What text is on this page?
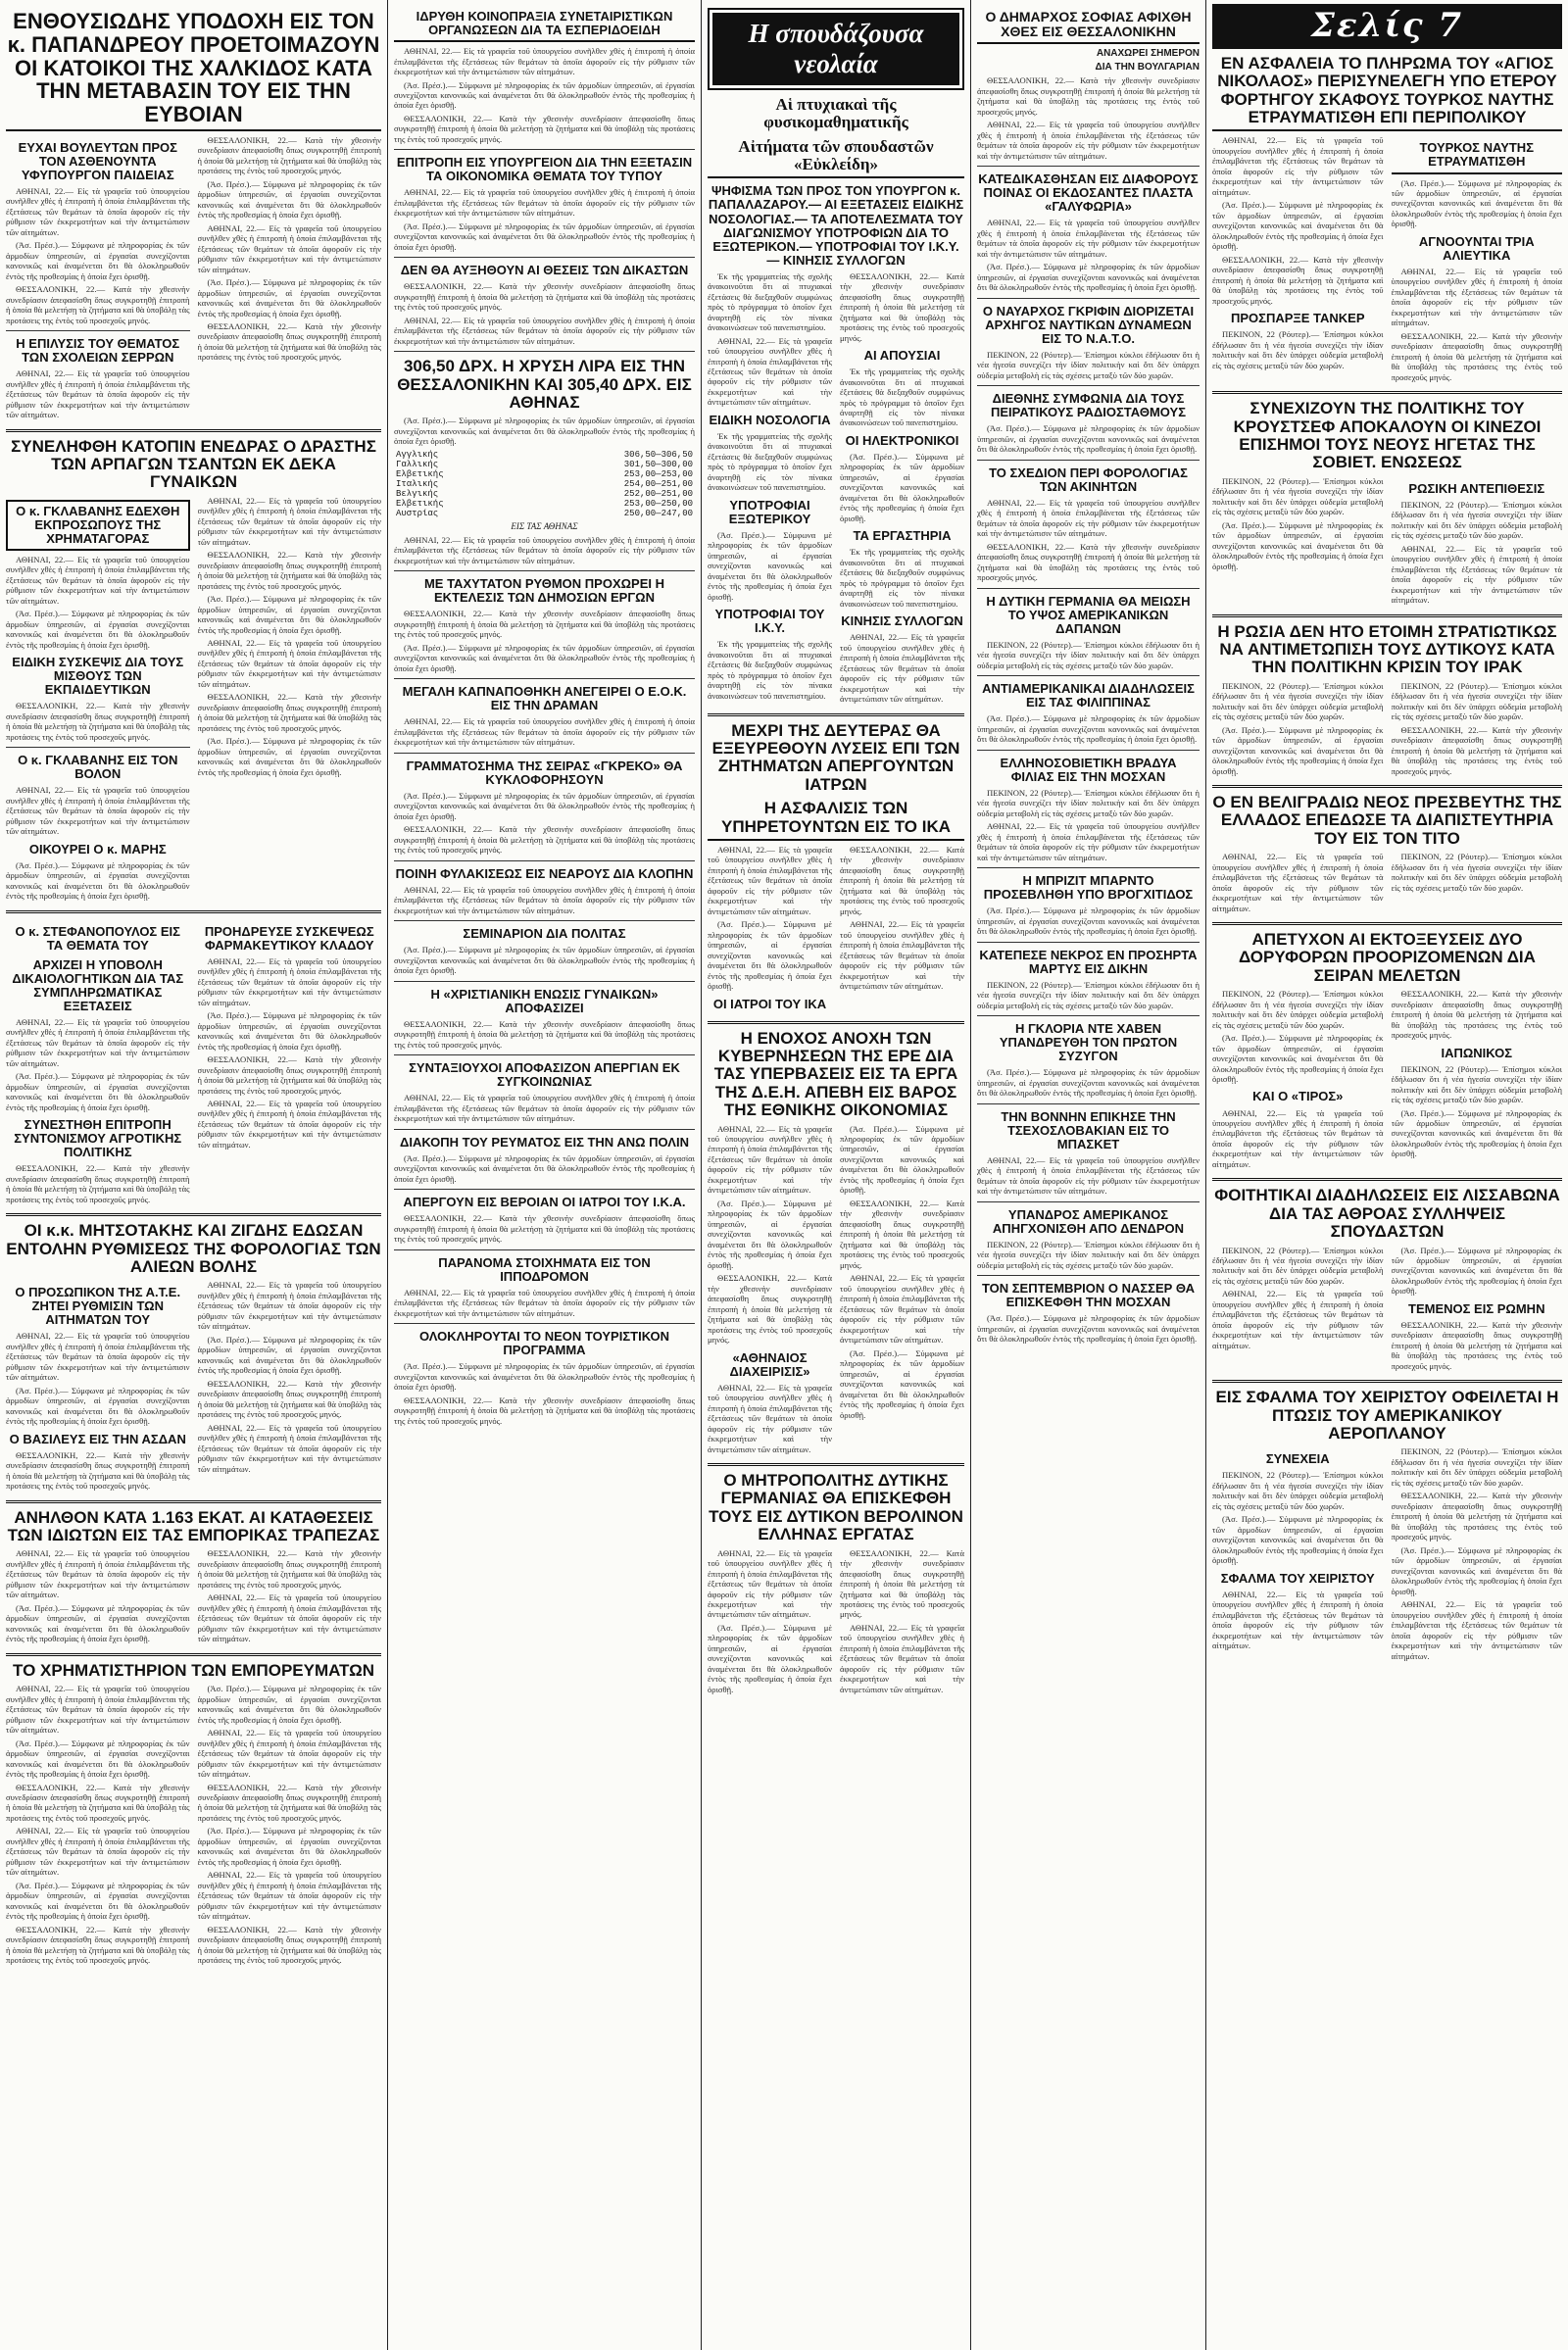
ΕΝΘΟΥΣΙΩΔΗΣ ΥΠΟΔΟΧΗ ΕΙΣ ΤΟΝ κ. ΠΑΠΑΝΔΡΕΟΥ ΠΡΟΕΤΟΙΜΑΖΟΥΝ ΟΙ ΚΑΤΟΙΚΟΙ ΤΗΣ ΧΑΛΚΙΔΟΣ ΚΑΤΑ ΤΗΝ ΜΕΤΑΒΑΣΙΝ ΤΟΥ ΕΙΣ ΤΗΝ ΕΥΒΟΙΑΝ
ΕΥΧΑΙ ΒΟΥΛΕΥΤΩΝ ΠΡΟΣ ΤΟΝ ΑΣΘΕΝΟΥΝΤΑ ΥΦΥΠΟΥΡΓΟΝ ΠΑΙΔΕΙΑΣ

ΑΘΗΝΑΙ, 22.— Εἰς τὰ γραφεῖα τοῦ ὑπουργείου συνῆλθεν χθὲς ἡ ἐπιτροπὴ ἡ ὁποία ἐπιλαμβάνεται τῆς ἐξετάσεως τῶν θεμάτων τὰ ὁποῖα ἀφοροῦν εἰς τὴν ρύθμισιν τῶν ἐκκρεμοτήτων καὶ τὴν ἀντιμετώπισιν τῶν αἰτημάτων.

(Ἀσ. Πρέσ.).— Σύμφωνα μὲ πληροφορίας ἐκ τῶν ἁρμοδίων ὑπηρεσιῶν, αἱ ἐργασίαι συνεχίζονται κανονικῶς καὶ ἀναμένεται ὅτι θὰ ὁλοκληρωθοῦν ἐντὸς τῆς προθεσμίας ἡ ὁποία ἔχει ὁρισθῇ.

ΘΕΣΣΑΛΟΝΙΚΗ, 22.— Κατὰ τὴν χθεσινὴν συνεδρίασιν ἀπεφασίσθη ὅπως συγκροτηθῇ ἐπιτροπὴ ἡ ὁποία θὰ μελετήσῃ τὰ ζητήματα καὶ θὰ ὑποβάλῃ τὰς προτάσεις της ἐντὸς τοῦ προσεχοῦς μηνός.

Η ΕΠΙΛΥΣΙΣ ΤΟΥ ΘΕΜΑΤΟΣ ΤΩΝ ΣΧΟΛΕΙΩΝ ΣΕΡΡΩΝ

ΑΘΗΝΑΙ, 22.— Εἰς τὰ γραφεῖα τοῦ ὑπουργείου συνῆλθεν χθὲς ἡ ἐπιτροπὴ ἡ ὁποία ἐπιλαμβάνεται τῆς ἐξετάσεως τῶν θεμάτων τὰ ὁποῖα ἀφοροῦν εἰς τὴν ρύθμισιν τῶν ἐκκρεμοτήτων καὶ τὴν ἀντιμετώπισιν τῶν αἰτημάτων.

ΘΕΣΣΑΛΟΝΙΚΗ, 22.— Κατὰ τὴν χθεσινὴν συνεδρίασιν ἀπεφασίσθη ὅπως συγκροτηθῇ ἐπιτροπὴ ἡ ὁποία θὰ μελετήσῃ τὰ ζητήματα καὶ θὰ ὑποβάλῃ τὰς προτάσεις της ἐντὸς τοῦ προσεχοῦς μηνός.

(Ἀσ. Πρέσ.).— Σύμφωνα μὲ πληροφορίας ἐκ τῶν ἁρμοδίων ὑπηρεσιῶν, αἱ ἐργασίαι συνεχίζονται κανονικῶς καὶ ἀναμένεται ὅτι θὰ ὁλοκληρωθοῦν ἐντὸς τῆς προθεσμίας ἡ ὁποία ἔχει ὁρισθῇ.

ΑΘΗΝΑΙ, 22.— Εἰς τὰ γραφεῖα τοῦ ὑπουργείου συνῆλθεν χθὲς ἡ ἐπιτροπὴ ἡ ὁποία ἐπιλαμβάνεται τῆς ἐξετάσεως τῶν θεμάτων τὰ ὁποῖα ἀφοροῦν εἰς τὴν ρύθμισιν τῶν ἐκκρεμοτήτων καὶ τὴν ἀντιμετώπισιν τῶν αἰτημάτων.

(Ἀσ. Πρέσ.).— Σύμφωνα μὲ πληροφορίας ἐκ τῶν ἁρμοδίων ὑπηρεσιῶν, αἱ ἐργασίαι συνεχίζονται κανονικῶς καὶ ἀναμένεται ὅτι θὰ ὁλοκληρωθοῦν ἐντὸς τῆς προθεσμίας ἡ ὁποία ἔχει ὁρισθῇ.

ΘΕΣΣΑΛΟΝΙΚΗ, 22.— Κατὰ τὴν χθεσινὴν συνεδρίασιν ἀπεφασίσθη ὅπως συγκροτηθῇ ἐπιτροπὴ ἡ ὁποία θὰ μελετήσῃ τὰ ζητήματα καὶ θὰ ὑποβάλῃ τὰς προτάσεις της ἐντὸς τοῦ προσεχοῦς μηνός.

ΣΥΝΕΛΗΦΘΗ ΚΑΤΟΠΙΝ ΕΝΕΔΡΑΣ Ο ΔΡΑΣΤΗΣ ΤΩΝ ΑΡΠΑΓΩΝ ΤΣΑΝΤΩΝ ΕΚ ΔΕΚΑ ΓΥΝΑΙΚΩΝ
Ο κ. ΓΚΛΑΒΑΝΗΣ ΕΔΕΧΘΗ ΕΚΠΡΟΣΩΠΟΥΣ ΤΗΣ ΧΡΗΜΑΤΑΓΟΡΑΣ

ΑΘΗΝΑΙ, 22.— Εἰς τὰ γραφεῖα τοῦ ὑπουργείου συνῆλθεν χθὲς ἡ ἐπιτροπὴ ἡ ὁποία ἐπιλαμβάνεται τῆς ἐξετάσεως τῶν θεμάτων τὰ ὁποῖα ἀφοροῦν εἰς τὴν ρύθμισιν τῶν ἐκκρεμοτήτων καὶ τὴν ἀντιμετώπισιν τῶν αἰτημάτων.

(Ἀσ. Πρέσ.).— Σύμφωνα μὲ πληροφορίας ἐκ τῶν ἁρμοδίων ὑπηρεσιῶν, αἱ ἐργασίαι συνεχίζονται κανονικῶς καὶ ἀναμένεται ὅτι θὰ ὁλοκληρωθοῦν ἐντὸς τῆς προθεσμίας ἡ ὁποία ἔχει ὁρισθῇ.

ΕΙΔΙΚΗ ΣΥΣΚΕΨΙΣ ΔΙΑ ΤΟΥΣ ΜΙΣΘΟΥΣ ΤΩΝ ΕΚΠΑΙΔΕΥΤΙΚΩΝ

ΘΕΣΣΑΛΟΝΙΚΗ, 22.— Κατὰ τὴν χθεσινὴν συνεδρίασιν ἀπεφασίσθη ὅπως συγκροτηθῇ ἐπιτροπὴ ἡ ὁποία θὰ μελετήσῃ τὰ ζητήματα καὶ θὰ ὑποβάλῃ τὰς προτάσεις της ἐντὸς τοῦ προσεχοῦς μηνός.

Ο κ. ΓΚΛΑΒΑΝΗΣ ΕΙΣ ΤΟΝ ΒΟΛΟΝ

ΑΘΗΝΑΙ, 22.— Εἰς τὰ γραφεῖα τοῦ ὑπουργείου συνῆλθεν χθὲς ἡ ἐπιτροπὴ ἡ ὁποία ἐπιλαμβάνεται τῆς ἐξετάσεως τῶν θεμάτων τὰ ὁποῖα ἀφοροῦν εἰς τὴν ρύθμισιν τῶν ἐκκρεμοτήτων καὶ τὴν ἀντιμετώπισιν τῶν αἰτημάτων.

ΟΙΚΟΥΡΕΙ Ο κ. ΜΑΡΗΣ

(Ἀσ. Πρέσ.).— Σύμφωνα μὲ πληροφορίας ἐκ τῶν ἁρμοδίων ὑπηρεσιῶν, αἱ ἐργασίαι συνεχίζονται κανονικῶς καὶ ἀναμένεται ὅτι θὰ ὁλοκληρωθοῦν ἐντὸς τῆς προθεσμίας ἡ ὁποία ἔχει ὁρισθῇ.

ΑΘΗΝΑΙ, 22.— Εἰς τὰ γραφεῖα τοῦ ὑπουργείου συνῆλθεν χθὲς ἡ ἐπιτροπὴ ἡ ὁποία ἐπιλαμβάνεται τῆς ἐξετάσεως τῶν θεμάτων τὰ ὁποῖα ἀφοροῦν εἰς τὴν ρύθμισιν τῶν ἐκκρεμοτήτων καὶ τὴν ἀντιμετώπισιν τῶν αἰτημάτων.

ΘΕΣΣΑΛΟΝΙΚΗ, 22.— Κατὰ τὴν χθεσινὴν συνεδρίασιν ἀπεφασίσθη ὅπως συγκροτηθῇ ἐπιτροπὴ ἡ ὁποία θὰ μελετήσῃ τὰ ζητήματα καὶ θὰ ὑποβάλῃ τὰς προτάσεις της ἐντὸς τοῦ προσεχοῦς μηνός.

(Ἀσ. Πρέσ.).— Σύμφωνα μὲ πληροφορίας ἐκ τῶν ἁρμοδίων ὑπηρεσιῶν, αἱ ἐργασίαι συνεχίζονται κανονικῶς καὶ ἀναμένεται ὅτι θὰ ὁλοκληρωθοῦν ἐντὸς τῆς προθεσμίας ἡ ὁποία ἔχει ὁρισθῇ.

ΑΘΗΝΑΙ, 22.— Εἰς τὰ γραφεῖα τοῦ ὑπουργείου συνῆλθεν χθὲς ἡ ἐπιτροπὴ ἡ ὁποία ἐπιλαμβάνεται τῆς ἐξετάσεως τῶν θεμάτων τὰ ὁποῖα ἀφοροῦν εἰς τὴν ρύθμισιν τῶν ἐκκρεμοτήτων καὶ τὴν ἀντιμετώπισιν τῶν αἰτημάτων.

ΘΕΣΣΑΛΟΝΙΚΗ, 22.— Κατὰ τὴν χθεσινὴν συνεδρίασιν ἀπεφασίσθη ὅπως συγκροτηθῇ ἐπιτροπὴ ἡ ὁποία θὰ μελετήσῃ τὰ ζητήματα καὶ θὰ ὑποβάλῃ τὰς προτάσεις της ἐντὸς τοῦ προσεχοῦς μηνός.

(Ἀσ. Πρέσ.).— Σύμφωνα μὲ πληροφορίας ἐκ τῶν ἁρμοδίων ὑπηρεσιῶν, αἱ ἐργασίαι συνεχίζονται κανονικῶς καὶ ἀναμένεται ὅτι θὰ ὁλοκληρωθοῦν ἐντὸς τῆς προθεσμίας ἡ ὁποία ἔχει ὁρισθῇ.

Ο κ. ΣΤΕΦΑΝΟΠΟΥΛΟΣ ΕΙΣ ΤΑ ΘΕΜΑΤΑ ΤΟΥ
ΑΡΧΙΖΕΙ Η ΥΠΟΒΟΛΗ ΔΙΚΑΙΟΛΟΓΗΤΙΚΩΝ ΔΙΑ ΤΑΣ ΣΥΜΠΛΗΡΩΜΑΤΙΚΑΣ ΕΞΕΤΑΣΕΙΣ

ΑΘΗΝΑΙ, 22.— Εἰς τὰ γραφεῖα τοῦ ὑπουργείου συνῆλθεν χθὲς ἡ ἐπιτροπὴ ἡ ὁποία ἐπιλαμβάνεται τῆς ἐξετάσεως τῶν θεμάτων τὰ ὁποῖα ἀφοροῦν εἰς τὴν ρύθμισιν τῶν ἐκκρεμοτήτων καὶ τὴν ἀντιμετώπισιν τῶν αἰτημάτων.

(Ἀσ. Πρέσ.).— Σύμφωνα μὲ πληροφορίας ἐκ τῶν ἁρμοδίων ὑπηρεσιῶν, αἱ ἐργασίαι συνεχίζονται κανονικῶς καὶ ἀναμένεται ὅτι θὰ ὁλοκληρωθοῦν ἐντὸς τῆς προθεσμίας ἡ ὁποία ἔχει ὁρισθῇ.

ΣΥΝΕΣΤΗΘΗ ΕΠΙΤΡΟΠΗ ΣΥΝΤΟΝΙΣΜΟΥ ΑΓΡΟΤΙΚΗΣ ΠΟΛΙΤΙΚΗΣ

ΘΕΣΣΑΛΟΝΙΚΗ, 22.— Κατὰ τὴν χθεσινὴν συνεδρίασιν ἀπεφασίσθη ὅπως συγκροτηθῇ ἐπιτροπὴ ἡ ὁποία θὰ μελετήσῃ τὰ ζητήματα καὶ θὰ ὑποβάλῃ τὰς προτάσεις της ἐντὸς τοῦ προσεχοῦς μηνός.

ΠΡΟΗΔΡΕΥΣΕ ΣΥΣΚΕΨΕΩΣ ΦΑΡΜΑΚΕΥΤΙΚΟΥ ΚΛΑΔΟΥ

ΑΘΗΝΑΙ, 22.— Εἰς τὰ γραφεῖα τοῦ ὑπουργείου συνῆλθεν χθὲς ἡ ἐπιτροπὴ ἡ ὁποία ἐπιλαμβάνεται τῆς ἐξετάσεως τῶν θεμάτων τὰ ὁποῖα ἀφοροῦν εἰς τὴν ρύθμισιν τῶν ἐκκρεμοτήτων καὶ τὴν ἀντιμετώπισιν τῶν αἰτημάτων.

(Ἀσ. Πρέσ.).— Σύμφωνα μὲ πληροφορίας ἐκ τῶν ἁρμοδίων ὑπηρεσιῶν, αἱ ἐργασίαι συνεχίζονται κανονικῶς καὶ ἀναμένεται ὅτι θὰ ὁλοκληρωθοῦν ἐντὸς τῆς προθεσμίας ἡ ὁποία ἔχει ὁρισθῇ.

ΘΕΣΣΑΛΟΝΙΚΗ, 22.— Κατὰ τὴν χθεσινὴν συνεδρίασιν ἀπεφασίσθη ὅπως συγκροτηθῇ ἐπιτροπὴ ἡ ὁποία θὰ μελετήσῃ τὰ ζητήματα καὶ θὰ ὑποβάλῃ τὰς προτάσεις της ἐντὸς τοῦ προσεχοῦς μηνός.

ΑΘΗΝΑΙ, 22.— Εἰς τὰ γραφεῖα τοῦ ὑπουργείου συνῆλθεν χθὲς ἡ ἐπιτροπὴ ἡ ὁποία ἐπιλαμβάνεται τῆς ἐξετάσεως τῶν θεμάτων τὰ ὁποῖα ἀφοροῦν εἰς τὴν ρύθμισιν τῶν ἐκκρεμοτήτων καὶ τὴν ἀντιμετώπισιν τῶν αἰτημάτων.

ΟΙ κ.κ. ΜΗΤΣΟΤΑΚΗΣ ΚΑΙ ΖΙΓΔΗΣ ΕΔΩΣΑΝ ΕΝΤΟΛΗΝ ΡΥΘΜΙΣΕΩΣ ΤΗΣ ΦΟΡΟΛΟΓΙΑΣ ΤΩΝ ΑΛΙΕΩΝ ΒΟΛΗΣ
Ο ΠΡΟΣΩΠΙΚΟΝ ΤΗΣ Α.Τ.Ε. ΖΗΤΕΙ ΡΥΘΜΙΣΙΝ ΤΩΝ ΑΙΤΗΜΑΤΩΝ ΤΟΥ

ΑΘΗΝΑΙ, 22.— Εἰς τὰ γραφεῖα τοῦ ὑπουργείου συνῆλθεν χθὲς ἡ ἐπιτροπὴ ἡ ὁποία ἐπιλαμβάνεται τῆς ἐξετάσεως τῶν θεμάτων τὰ ὁποῖα ἀφοροῦν εἰς τὴν ρύθμισιν τῶν ἐκκρεμοτήτων καὶ τὴν ἀντιμετώπισιν τῶν αἰτημάτων.

(Ἀσ. Πρέσ.).— Σύμφωνα μὲ πληροφορίας ἐκ τῶν ἁρμοδίων ὑπηρεσιῶν, αἱ ἐργασίαι συνεχίζονται κανονικῶς καὶ ἀναμένεται ὅτι θὰ ὁλοκληρωθοῦν ἐντὸς τῆς προθεσμίας ἡ ὁποία ἔχει ὁρισθῇ.

Ο ΒΑΣΙΛΕΥΣ ΕΙΣ ΤΗΝ ΑΣΔΑΝ

ΘΕΣΣΑΛΟΝΙΚΗ, 22.— Κατὰ τὴν χθεσινὴν συνεδρίασιν ἀπεφασίσθη ὅπως συγκροτηθῇ ἐπιτροπὴ ἡ ὁποία θὰ μελετήσῃ τὰ ζητήματα καὶ θὰ ὑποβάλῃ τὰς προτάσεις της ἐντὸς τοῦ προσεχοῦς μηνός.

ΑΘΗΝΑΙ, 22.— Εἰς τὰ γραφεῖα τοῦ ὑπουργείου συνῆλθεν χθὲς ἡ ἐπιτροπὴ ἡ ὁποία ἐπιλαμβάνεται τῆς ἐξετάσεως τῶν θεμάτων τὰ ὁποῖα ἀφοροῦν εἰς τὴν ρύθμισιν τῶν ἐκκρεμοτήτων καὶ τὴν ἀντιμετώπισιν τῶν αἰτημάτων.

(Ἀσ. Πρέσ.).— Σύμφωνα μὲ πληροφορίας ἐκ τῶν ἁρμοδίων ὑπηρεσιῶν, αἱ ἐργασίαι συνεχίζονται κανονικῶς καὶ ἀναμένεται ὅτι θὰ ὁλοκληρωθοῦν ἐντὸς τῆς προθεσμίας ἡ ὁποία ἔχει ὁρισθῇ.

ΘΕΣΣΑΛΟΝΙΚΗ, 22.— Κατὰ τὴν χθεσινὴν συνεδρίασιν ἀπεφασίσθη ὅπως συγκροτηθῇ ἐπιτροπὴ ἡ ὁποία θὰ μελετήσῃ τὰ ζητήματα καὶ θὰ ὑποβάλῃ τὰς προτάσεις της ἐντὸς τοῦ προσεχοῦς μηνός.

ΑΘΗΝΑΙ, 22.— Εἰς τὰ γραφεῖα τοῦ ὑπουργείου συνῆλθεν χθὲς ἡ ἐπιτροπὴ ἡ ὁποία ἐπιλαμβάνεται τῆς ἐξετάσεως τῶν θεμάτων τὰ ὁποῖα ἀφοροῦν εἰς τὴν ρύθμισιν τῶν ἐκκρεμοτήτων καὶ τὴν ἀντιμετώπισιν τῶν αἰτημάτων.

ΑΝΗΛΘΟΝ ΚΑΤΑ 1.163 ΕΚΑΤ. ΑΙ ΚΑΤΑΘΕΣΕΙΣ ΤΩΝ ΙΔΙΩΤΩΝ ΕΙΣ ΤΑΣ ΕΜΠΟΡΙΚΑΣ ΤΡΑΠΕΖΑΣ

ΑΘΗΝΑΙ, 22.— Εἰς τὰ γραφεῖα τοῦ ὑπουργείου συνῆλθεν χθὲς ἡ ἐπιτροπὴ ἡ ὁποία ἐπιλαμβάνεται τῆς ἐξετάσεως τῶν θεμάτων τὰ ὁποῖα ἀφοροῦν εἰς τὴν ρύθμισιν τῶν ἐκκρεμοτήτων καὶ τὴν ἀντιμετώπισιν τῶν αἰτημάτων.

(Ἀσ. Πρέσ.).— Σύμφωνα μὲ πληροφορίας ἐκ τῶν ἁρμοδίων ὑπηρεσιῶν, αἱ ἐργασίαι συνεχίζονται κανονικῶς καὶ ἀναμένεται ὅτι θὰ ὁλοκληρωθοῦν ἐντὸς τῆς προθεσμίας ἡ ὁποία ἔχει ὁρισθῇ.

ΘΕΣΣΑΛΟΝΙΚΗ, 22.— Κατὰ τὴν χθεσινὴν συνεδρίασιν ἀπεφασίσθη ὅπως συγκροτηθῇ ἐπιτροπὴ ἡ ὁποία θὰ μελετήσῃ τὰ ζητήματα καὶ θὰ ὑποβάλῃ τὰς προτάσεις της ἐντὸς τοῦ προσεχοῦς μηνός.

ΑΘΗΝΑΙ, 22.— Εἰς τὰ γραφεῖα τοῦ ὑπουργείου συνῆλθεν χθὲς ἡ ἐπιτροπὴ ἡ ὁποία ἐπιλαμβάνεται τῆς ἐξετάσεως τῶν θεμάτων τὰ ὁποῖα ἀφοροῦν εἰς τὴν ρύθμισιν τῶν ἐκκρεμοτήτων καὶ τὴν ἀντιμετώπισιν τῶν αἰτημάτων.

ΤΟ ΧΡΗΜΑΤΙΣΤΗΡΙΟΝ ΤΩΝ ΕΜΠΟΡΕΥΜΑΤΩΝ

ΑΘΗΝΑΙ, 22.— Εἰς τὰ γραφεῖα τοῦ ὑπουργείου συνῆλθεν χθὲς ἡ ἐπιτροπὴ ἡ ὁποία ἐπιλαμβάνεται τῆς ἐξετάσεως τῶν θεμάτων τὰ ὁποῖα ἀφοροῦν εἰς τὴν ρύθμισιν τῶν ἐκκρεμοτήτων καὶ τὴν ἀντιμετώπισιν τῶν αἰτημάτων.

(Ἀσ. Πρέσ.).— Σύμφωνα μὲ πληροφορίας ἐκ τῶν ἁρμοδίων ὑπηρεσιῶν, αἱ ἐργασίαι συνεχίζονται κανονικῶς καὶ ἀναμένεται ὅτι θὰ ὁλοκληρωθοῦν ἐντὸς τῆς προθεσμίας ἡ ὁποία ἔχει ὁρισθῇ.

ΘΕΣΣΑΛΟΝΙΚΗ, 22.— Κατὰ τὴν χθεσινὴν συνεδρίασιν ἀπεφασίσθη ὅπως συγκροτηθῇ ἐπιτροπὴ ἡ ὁποία θὰ μελετήσῃ τὰ ζητήματα καὶ θὰ ὑποβάλῃ τὰς προτάσεις της ἐντὸς τοῦ προσεχοῦς μηνός.

ΑΘΗΝΑΙ, 22.— Εἰς τὰ γραφεῖα τοῦ ὑπουργείου συνῆλθεν χθὲς ἡ ἐπιτροπὴ ἡ ὁποία ἐπιλαμβάνεται τῆς ἐξετάσεως τῶν θεμάτων τὰ ὁποῖα ἀφοροῦν εἰς τὴν ρύθμισιν τῶν ἐκκρεμοτήτων καὶ τὴν ἀντιμετώπισιν τῶν αἰτημάτων.

(Ἀσ. Πρέσ.).— Σύμφωνα μὲ πληροφορίας ἐκ τῶν ἁρμοδίων ὑπηρεσιῶν, αἱ ἐργασίαι συνεχίζονται κανονικῶς καὶ ἀναμένεται ὅτι θὰ ὁλοκληρωθοῦν ἐντὸς τῆς προθεσμίας ἡ ὁποία ἔχει ὁρισθῇ.

ΘΕΣΣΑΛΟΝΙΚΗ, 22.— Κατὰ τὴν χθεσινὴν συνεδρίασιν ἀπεφασίσθη ὅπως συγκροτηθῇ ἐπιτροπὴ ἡ ὁποία θὰ μελετήσῃ τὰ ζητήματα καὶ θὰ ὑποβάλῃ τὰς προτάσεις της ἐντὸς τοῦ προσεχοῦς μηνός.

(Ἀσ. Πρέσ.).— Σύμφωνα μὲ πληροφορίας ἐκ τῶν ἁρμοδίων ὑπηρεσιῶν, αἱ ἐργασίαι συνεχίζονται κανονικῶς καὶ ἀναμένεται ὅτι θὰ ὁλοκληρωθοῦν ἐντὸς τῆς προθεσμίας ἡ ὁποία ἔχει ὁρισθῇ.

ΑΘΗΝΑΙ, 22.— Εἰς τὰ γραφεῖα τοῦ ὑπουργείου συνῆλθεν χθὲς ἡ ἐπιτροπὴ ἡ ὁποία ἐπιλαμβάνεται τῆς ἐξετάσεως τῶν θεμάτων τὰ ὁποῖα ἀφοροῦν εἰς τὴν ρύθμισιν τῶν ἐκκρεμοτήτων καὶ τὴν ἀντιμετώπισιν τῶν αἰτημάτων.

ΘΕΣΣΑΛΟΝΙΚΗ, 22.— Κατὰ τὴν χθεσινὴν συνεδρίασιν ἀπεφασίσθη ὅπως συγκροτηθῇ ἐπιτροπὴ ἡ ὁποία θὰ μελετήσῃ τὰ ζητήματα καὶ θὰ ὑποβάλῃ τὰς προτάσεις της ἐντὸς τοῦ προσεχοῦς μηνός.

(Ἀσ. Πρέσ.).— Σύμφωνα μὲ πληροφορίας ἐκ τῶν ἁρμοδίων ὑπηρεσιῶν, αἱ ἐργασίαι συνεχίζονται κανονικῶς καὶ ἀναμένεται ὅτι θὰ ὁλοκληρωθοῦν ἐντὸς τῆς προθεσμίας ἡ ὁποία ἔχει ὁρισθῇ.

ΑΘΗΝΑΙ, 22.— Εἰς τὰ γραφεῖα τοῦ ὑπουργείου συνῆλθεν χθὲς ἡ ἐπιτροπὴ ἡ ὁποία ἐπιλαμβάνεται τῆς ἐξετάσεως τῶν θεμάτων τὰ ὁποῖα ἀφοροῦν εἰς τὴν ρύθμισιν τῶν ἐκκρεμοτήτων καὶ τὴν ἀντιμετώπισιν τῶν αἰτημάτων.

ΘΕΣΣΑΛΟΝΙΚΗ, 22.— Κατὰ τὴν χθεσινὴν συνεδρίασιν ἀπεφασίσθη ὅπως συγκροτηθῇ ἐπιτροπὴ ἡ ὁποία θὰ μελετήσῃ τὰ ζητήματα καὶ θὰ ὑποβάλῃ τὰς προτάσεις της ἐντὸς τοῦ προσεχοῦς μηνός.

ΙΔΡΥΘΗ ΚΟΙΝΟΠΡΑΞΙΑ ΣΥΝΕΤΑΙΡΙΣΤΙΚΩΝ ΟΡΓΑΝΩΣΕΩΝ ΔΙΑ ΤΑ ΕΣΠΕΡΙΔΟΕΙΔΗ

ΑΘΗΝΑΙ, 22.— Εἰς τὰ γραφεῖα τοῦ ὑπουργείου συνῆλθεν χθὲς ἡ ἐπιτροπὴ ἡ ὁποία ἐπιλαμβάνεται τῆς ἐξετάσεως τῶν θεμάτων τὰ ὁποῖα ἀφοροῦν εἰς τὴν ρύθμισιν τῶν ἐκκρεμοτήτων καὶ τὴν ἀντιμετώπισιν τῶν αἰτημάτων.

(Ἀσ. Πρέσ.).— Σύμφωνα μὲ πληροφορίας ἐκ τῶν ἁρμοδίων ὑπηρεσιῶν, αἱ ἐργασίαι συνεχίζονται κανονικῶς καὶ ἀναμένεται ὅτι θὰ ὁλοκληρωθοῦν ἐντὸς τῆς προθεσμίας ἡ ὁποία ἔχει ὁρισθῇ.

ΘΕΣΣΑΛΟΝΙΚΗ, 22.— Κατὰ τὴν χθεσινὴν συνεδρίασιν ἀπεφασίσθη ὅπως συγκροτηθῇ ἐπιτροπὴ ἡ ὁποία θὰ μελετήσῃ τὰ ζητήματα καὶ θὰ ὑποβάλῃ τὰς προτάσεις της ἐντὸς τοῦ προσεχοῦς μηνός.

ΕΠΙΤΡΟΠΗ ΕΙΣ ΥΠΟΥΡΓΕΙΟΝ ΔΙΑ ΤΗΝ ΕΞΕΤΑΣΙΝ ΤΑ ΟΙΚΟΝΟΜΙΚΑ ΘΕΜΑΤΑ ΤΟΥ ΤΥΠΟΥ

ΑΘΗΝΑΙ, 22.— Εἰς τὰ γραφεῖα τοῦ ὑπουργείου συνῆλθεν χθὲς ἡ ἐπιτροπὴ ἡ ὁποία ἐπιλαμβάνεται τῆς ἐξετάσεως τῶν θεμάτων τὰ ὁποῖα ἀφοροῦν εἰς τὴν ρύθμισιν τῶν ἐκκρεμοτήτων καὶ τὴν ἀντιμετώπισιν τῶν αἰτημάτων.

(Ἀσ. Πρέσ.).— Σύμφωνα μὲ πληροφορίας ἐκ τῶν ἁρμοδίων ὑπηρεσιῶν, αἱ ἐργασίαι συνεχίζονται κανονικῶς καὶ ἀναμένεται ὅτι θὰ ὁλοκληρωθοῦν ἐντὸς τῆς προθεσμίας ἡ ὁποία ἔχει ὁρισθῇ.

ΔΕΝ ΘΑ ΑΥΞΗΘΟΥΝ ΑΙ ΘΕΣΕΙΣ ΤΩΝ ΔΙΚΑΣΤΩΝ

ΘΕΣΣΑΛΟΝΙΚΗ, 22.— Κατὰ τὴν χθεσινὴν συνεδρίασιν ἀπεφασίσθη ὅπως συγκροτηθῇ ἐπιτροπὴ ἡ ὁποία θὰ μελετήσῃ τὰ ζητήματα καὶ θὰ ὑποβάλῃ τὰς προτάσεις της ἐντὸς τοῦ προσεχοῦς μηνός.

ΑΘΗΝΑΙ, 22.— Εἰς τὰ γραφεῖα τοῦ ὑπουργείου συνῆλθεν χθὲς ἡ ἐπιτροπὴ ἡ ὁποία ἐπιλαμβάνεται τῆς ἐξετάσεως τῶν θεμάτων τὰ ὁποῖα ἀφοροῦν εἰς τὴν ρύθμισιν τῶν ἐκκρεμοτήτων καὶ τὴν ἀντιμετώπισιν τῶν αἰτημάτων.

306,50 ΔΡΧ. Η ΧΡΥΣΗ ΛΙΡΑ ΕΙΣ ΤΗΝ ΘΕΣΣΑΛΟΝΙΚΗΝ ΚΑΙ 305,40 ΔΡΧ. ΕΙΣ ΑΘΗΝΑΣ

(Ἀσ. Πρέσ.).— Σύμφωνα μὲ πληροφορίας ἐκ τῶν ἁρμοδίων ὑπηρεσιῶν, αἱ ἐργασίαι συνεχίζονται κανονικῶς καὶ ἀναμένεται ὅτι θὰ ὁλοκληρωθοῦν ἐντὸς τῆς προθεσμίας ἡ ὁποία ἔχει ὁρισθῇ.

Αγγλικής	306,50—306,50
Γαλλικής	301,50—300,00
Ελβετικής	253,00—253,00
Ιταλικής	254,00—251,00
Βελγικής	252,00—251,00
Ελβετικής	253,00—250,00
Αυστρίας	250,00—247,00
ΕΙΣ ΤΑΣ ΑΘΗΝΑΣ

ΑΘΗΝΑΙ, 22.— Εἰς τὰ γραφεῖα τοῦ ὑπουργείου συνῆλθεν χθὲς ἡ ἐπιτροπὴ ἡ ὁποία ἐπιλαμβάνεται τῆς ἐξετάσεως τῶν θεμάτων τὰ ὁποῖα ἀφοροῦν εἰς τὴν ρύθμισιν τῶν ἐκκρεμοτήτων καὶ τὴν ἀντιμετώπισιν τῶν αἰτημάτων.

ΜΕ ΤΑΧΥΤΑΤΟΝ ΡΥΘΜΟΝ ΠΡΟΧΩΡΕΙ Η ΕΚΤΕΛΕΣΙΣ ΤΩΝ ΔΗΜΟΣΙΩΝ ΕΡΓΩΝ

ΘΕΣΣΑΛΟΝΙΚΗ, 22.— Κατὰ τὴν χθεσινὴν συνεδρίασιν ἀπεφασίσθη ὅπως συγκροτηθῇ ἐπιτροπὴ ἡ ὁποία θὰ μελετήσῃ τὰ ζητήματα καὶ θὰ ὑποβάλῃ τὰς προτάσεις της ἐντὸς τοῦ προσεχοῦς μηνός.

(Ἀσ. Πρέσ.).— Σύμφωνα μὲ πληροφορίας ἐκ τῶν ἁρμοδίων ὑπηρεσιῶν, αἱ ἐργασίαι συνεχίζονται κανονικῶς καὶ ἀναμένεται ὅτι θὰ ὁλοκληρωθοῦν ἐντὸς τῆς προθεσμίας ἡ ὁποία ἔχει ὁρισθῇ.

ΜΕΓΑΛΗ ΚΑΠΝΑΠΟΘΗΚΗ ΑΝΕΓΕΙΡΕΙ Ο Ε.Ο.Κ. ΕΙΣ ΤΗΝ ΔΡΑΜΑΝ

ΑΘΗΝΑΙ, 22.— Εἰς τὰ γραφεῖα τοῦ ὑπουργείου συνῆλθεν χθὲς ἡ ἐπιτροπὴ ἡ ὁποία ἐπιλαμβάνεται τῆς ἐξετάσεως τῶν θεμάτων τὰ ὁποῖα ἀφοροῦν εἰς τὴν ρύθμισιν τῶν ἐκκρεμοτήτων καὶ τὴν ἀντιμετώπισιν τῶν αἰτημάτων.

ΓΡΑΜΜΑΤΟΣΗΜΑ ΤΗΣ ΣΕΙΡΑΣ «ΓΚΡΕΚΟ» ΘΑ ΚΥΚΛΟΦΟΡΗΣΟΥΝ

(Ἀσ. Πρέσ.).— Σύμφωνα μὲ πληροφορίας ἐκ τῶν ἁρμοδίων ὑπηρεσιῶν, αἱ ἐργασίαι συνεχίζονται κανονικῶς καὶ ἀναμένεται ὅτι θὰ ὁλοκληρωθοῦν ἐντὸς τῆς προθεσμίας ἡ ὁποία ἔχει ὁρισθῇ.

ΘΕΣΣΑΛΟΝΙΚΗ, 22.— Κατὰ τὴν χθεσινὴν συνεδρίασιν ἀπεφασίσθη ὅπως συγκροτηθῇ ἐπιτροπὴ ἡ ὁποία θὰ μελετήσῃ τὰ ζητήματα καὶ θὰ ὑποβάλῃ τὰς προτάσεις της ἐντὸς τοῦ προσεχοῦς μηνός.

ΠΟΙΝΗ ΦΥΛΑΚΙΣΕΩΣ ΕΙΣ ΝΕΑΡΟΥΣ ΔΙΑ ΚΛΟΠΗΝ

ΑΘΗΝΑΙ, 22.— Εἰς τὰ γραφεῖα τοῦ ὑπουργείου συνῆλθεν χθὲς ἡ ἐπιτροπὴ ἡ ὁποία ἐπιλαμβάνεται τῆς ἐξετάσεως τῶν θεμάτων τὰ ὁποῖα ἀφοροῦν εἰς τὴν ρύθμισιν τῶν ἐκκρεμοτήτων καὶ τὴν ἀντιμετώπισιν τῶν αἰτημάτων.

ΣΕΜΙΝΑΡΙΟΝ ΔΙΑ ΠΟΛΙΤΑΣ

(Ἀσ. Πρέσ.).— Σύμφωνα μὲ πληροφορίας ἐκ τῶν ἁρμοδίων ὑπηρεσιῶν, αἱ ἐργασίαι συνεχίζονται κανονικῶς καὶ ἀναμένεται ὅτι θὰ ὁλοκληρωθοῦν ἐντὸς τῆς προθεσμίας ἡ ὁποία ἔχει ὁρισθῇ.

Η «ΧΡΙΣΤΙΑΝΙΚΗ ΕΝΩΣΙΣ ΓΥΝΑΙΚΩΝ» ΑΠΟΦΑΣΙΖΕΙ

ΘΕΣΣΑΛΟΝΙΚΗ, 22.— Κατὰ τὴν χθεσινὴν συνεδρίασιν ἀπεφασίσθη ὅπως συγκροτηθῇ ἐπιτροπὴ ἡ ὁποία θὰ μελετήσῃ τὰ ζητήματα καὶ θὰ ὑποβάλῃ τὰς προτάσεις της ἐντὸς τοῦ προσεχοῦς μηνός.

ΣΥΝΤΑΞΙΟΥΧΟΙ ΑΠΟΦΑΣΙΖΟΝ ΑΠΕΡΓΙΑΝ ΕΚ ΣΥΓΚΟΙΝΩΝΙΑΣ

ΑΘΗΝΑΙ, 22.— Εἰς τὰ γραφεῖα τοῦ ὑπουργείου συνῆλθεν χθὲς ἡ ἐπιτροπὴ ἡ ὁποία ἐπιλαμβάνεται τῆς ἐξετάσεως τῶν θεμάτων τὰ ὁποῖα ἀφοροῦν εἰς τὴν ρύθμισιν τῶν ἐκκρεμοτήτων καὶ τὴν ἀντιμετώπισιν τῶν αἰτημάτων.

ΔΙΑΚΟΠΗ ΤΟΥ ΡΕΥΜΑΤΟΣ ΕΙΣ ΤΗΝ ΑΝΩ ΠΟΛΙΝ

(Ἀσ. Πρέσ.).— Σύμφωνα μὲ πληροφορίας ἐκ τῶν ἁρμοδίων ὑπηρεσιῶν, αἱ ἐργασίαι συνεχίζονται κανονικῶς καὶ ἀναμένεται ὅτι θὰ ὁλοκληρωθοῦν ἐντὸς τῆς προθεσμίας ἡ ὁποία ἔχει ὁρισθῇ.

ΑΠΕΡΓΟΥΝ ΕΙΣ ΒΕΡΟΙΑΝ ΟΙ ΙΑΤΡΟΙ ΤΟΥ Ι.Κ.Α.

ΘΕΣΣΑΛΟΝΙΚΗ, 22.— Κατὰ τὴν χθεσινὴν συνεδρίασιν ἀπεφασίσθη ὅπως συγκροτηθῇ ἐπιτροπὴ ἡ ὁποία θὰ μελετήσῃ τὰ ζητήματα καὶ θὰ ὑποβάλῃ τὰς προτάσεις της ἐντὸς τοῦ προσεχοῦς μηνός.

ΠΑΡΑΝΟΜΑ ΣΤΟΙΧΗΜΑΤΑ ΕΙΣ ΤΟΝ ΙΠΠΟΔΡΟΜΟΝ

ΑΘΗΝΑΙ, 22.— Εἰς τὰ γραφεῖα τοῦ ὑπουργείου συνῆλθεν χθὲς ἡ ἐπιτροπὴ ἡ ὁποία ἐπιλαμβάνεται τῆς ἐξετάσεως τῶν θεμάτων τὰ ὁποῖα ἀφοροῦν εἰς τὴν ρύθμισιν τῶν ἐκκρεμοτήτων καὶ τὴν ἀντιμετώπισιν τῶν αἰτημάτων.

ΟΛΟΚΛΗΡΟΥΤΑΙ ΤΟ ΝΕΟΝ ΤΟΥΡΙΣΤΙΚΟΝ ΠΡΟΓΡΑΜΜΑ

(Ἀσ. Πρέσ.).— Σύμφωνα μὲ πληροφορίας ἐκ τῶν ἁρμοδίων ὑπηρεσιῶν, αἱ ἐργασίαι συνεχίζονται κανονικῶς καὶ ἀναμένεται ὅτι θὰ ὁλοκληρωθοῦν ἐντὸς τῆς προθεσμίας ἡ ὁποία ἔχει ὁρισθῇ.

ΘΕΣΣΑΛΟΝΙΚΗ, 22.— Κατὰ τὴν χθεσινὴν συνεδρίασιν ἀπεφασίσθη ὅπως συγκροτηθῇ ἐπιτροπὴ ἡ ὁποία θὰ μελετήσῃ τὰ ζητήματα καὶ θὰ ὑποβάλῃ τὰς προτάσεις της ἐντὸς τοῦ προσεχοῦς μηνός.

Η σπουδάζουσα νεολαία
Αἱ πτυχιακαὶ τῆς φυσικομαθηματικῆς
Αἰτήματα τῶν σπουδαστῶν «Εὐκλείδη»
ΨΗΦΙΣΜΑ ΤΩΝ ΠΡΟΣ ΤΟΝ ΥΠΟΥΡΓΟΝ κ. ΠΑΠΑΛΑΖΑΡΟΥ.— ΑΙ ΕΞΕΤΑΣΕΙΣ ΕΙΔΙΚΗΣ ΝΟΣΟΛΟΓΙΑΣ.— ΤΑ ΑΠΟΤΕΛΕΣΜΑΤΑ ΤΟΥ ΔΙΑΓΩΝΙΣΜΟΥ ΥΠΟΤΡΟΦΙΩΝ ΔΙΑ ΤΟ ΕΞΩΤΕΡΙΚΟΝ.— ΥΠΟΤΡΟΦΙΑΙ ΤΟΥ Ι.Κ.Υ.— ΚΙΝΗΣΙΣ ΣΥΛΛΟΓΩΝ

Ἐκ τῆς γραμματείας τῆς σχολῆς ἀνακοινοῦται ὅτι αἱ πτυχιακαὶ ἐξετάσεις θὰ διεξαχθοῦν συμφώνως πρὸς τὸ πρόγραμμα τὸ ὁποῖον ἔχει ἀναρτηθῇ εἰς τὸν πίνακα ἀνακοινώσεων τοῦ πανεπιστημίου.

ΑΘΗΝΑΙ, 22.— Εἰς τὰ γραφεῖα τοῦ ὑπουργείου συνῆλθεν χθὲς ἡ ἐπιτροπὴ ἡ ὁποία ἐπιλαμβάνεται τῆς ἐξετάσεως τῶν θεμάτων τὰ ὁποῖα ἀφοροῦν εἰς τὴν ρύθμισιν τῶν ἐκκρεμοτήτων καὶ τὴν ἀντιμετώπισιν τῶν αἰτημάτων.

ΕΙΔΙΚΗ ΝΟΣΟΛΟΓΙΑ

Ἐκ τῆς γραμματείας τῆς σχολῆς ἀνακοινοῦται ὅτι αἱ πτυχιακαὶ ἐξετάσεις θὰ διεξαχθοῦν συμφώνως πρὸς τὸ πρόγραμμα τὸ ὁποῖον ἔχει ἀναρτηθῇ εἰς τὸν πίνακα ἀνακοινώσεων τοῦ πανεπιστημίου.

ΥΠΟΤΡΟΦΙΑΙ ΕΞΩΤΕΡΙΚΟΥ

(Ἀσ. Πρέσ.).— Σύμφωνα μὲ πληροφορίας ἐκ τῶν ἁρμοδίων ὑπηρεσιῶν, αἱ ἐργασίαι συνεχίζονται κανονικῶς καὶ ἀναμένεται ὅτι θὰ ὁλοκληρωθοῦν ἐντὸς τῆς προθεσμίας ἡ ὁποία ἔχει ὁρισθῇ.

ΥΠΟΤΡΟΦΙΑΙ ΤΟΥ Ι.Κ.Υ.

Ἐκ τῆς γραμματείας τῆς σχολῆς ἀνακοινοῦται ὅτι αἱ πτυχιακαὶ ἐξετάσεις θὰ διεξαχθοῦν συμφώνως πρὸς τὸ πρόγραμμα τὸ ὁποῖον ἔχει ἀναρτηθῇ εἰς τὸν πίνακα ἀνακοινώσεων τοῦ πανεπιστημίου.

ΘΕΣΣΑΛΟΝΙΚΗ, 22.— Κατὰ τὴν χθεσινὴν συνεδρίασιν ἀπεφασίσθη ὅπως συγκροτηθῇ ἐπιτροπὴ ἡ ὁποία θὰ μελετήσῃ τὰ ζητήματα καὶ θὰ ὑποβάλῃ τὰς προτάσεις της ἐντὸς τοῦ προσεχοῦς μηνός.

ΑΙ ΑΠΟΥΣΙΑΙ

Ἐκ τῆς γραμματείας τῆς σχολῆς ἀνακοινοῦται ὅτι αἱ πτυχιακαὶ ἐξετάσεις θὰ διεξαχθοῦν συμφώνως πρὸς τὸ πρόγραμμα τὸ ὁποῖον ἔχει ἀναρτηθῇ εἰς τὸν πίνακα ἀνακοινώσεων τοῦ πανεπιστημίου.

ΟΙ ΗΛΕΚΤΡΟΝΙΚΟΙ

(Ἀσ. Πρέσ.).— Σύμφωνα μὲ πληροφορίας ἐκ τῶν ἁρμοδίων ὑπηρεσιῶν, αἱ ἐργασίαι συνεχίζονται κανονικῶς καὶ ἀναμένεται ὅτι θὰ ὁλοκληρωθοῦν ἐντὸς τῆς προθεσμίας ἡ ὁποία ἔχει ὁρισθῇ.

ΤΑ ΕΡΓΑΣΤΗΡΙΑ

Ἐκ τῆς γραμματείας τῆς σχολῆς ἀνακοινοῦται ὅτι αἱ πτυχιακαὶ ἐξετάσεις θὰ διεξαχθοῦν συμφώνως πρὸς τὸ πρόγραμμα τὸ ὁποῖον ἔχει ἀναρτηθῇ εἰς τὸν πίνακα ἀνακοινώσεων τοῦ πανεπιστημίου.

ΚΙΝΗΣΙΣ ΣΥΛΛΟΓΩΝ

ΑΘΗΝΑΙ, 22.— Εἰς τὰ γραφεῖα τοῦ ὑπουργείου συνῆλθεν χθὲς ἡ ἐπιτροπὴ ἡ ὁποία ἐπιλαμβάνεται τῆς ἐξετάσεως τῶν θεμάτων τὰ ὁποῖα ἀφοροῦν εἰς τὴν ρύθμισιν τῶν ἐκκρεμοτήτων καὶ τὴν ἀντιμετώπισιν τῶν αἰτημάτων.

ΜΕΧΡΙ ΤΗΣ ΔΕΥΤΕΡΑΣ ΘΑ ΕΞΕΥΡΕΘΟΥΝ ΛΥΣΕΙΣ ΕΠΙ ΤΩΝ ΖΗΤΗΜΑΤΩΝ ΑΠΕΡΓΟΥΝΤΩΝ ΙΑΤΡΩΝ
Η ΑΣΦΑΛΙΣΙΣ ΤΩΝ ΥΠΗΡΕΤΟΥΝΤΩΝ ΕΙΣ ΤΟ ΙΚΑ

ΑΘΗΝΑΙ, 22.— Εἰς τὰ γραφεῖα τοῦ ὑπουργείου συνῆλθεν χθὲς ἡ ἐπιτροπὴ ἡ ὁποία ἐπιλαμβάνεται τῆς ἐξετάσεως τῶν θεμάτων τὰ ὁποῖα ἀφοροῦν εἰς τὴν ρύθμισιν τῶν ἐκκρεμοτήτων καὶ τὴν ἀντιμετώπισιν τῶν αἰτημάτων.

(Ἀσ. Πρέσ.).— Σύμφωνα μὲ πληροφορίας ἐκ τῶν ἁρμοδίων ὑπηρεσιῶν, αἱ ἐργασίαι συνεχίζονται κανονικῶς καὶ ἀναμένεται ὅτι θὰ ὁλοκληρωθοῦν ἐντὸς τῆς προθεσμίας ἡ ὁποία ἔχει ὁρισθῇ.

ΟΙ ΙΑΤΡΟΙ ΤΟΥ ΙΚΑ

ΘΕΣΣΑΛΟΝΙΚΗ, 22.— Κατὰ τὴν χθεσινὴν συνεδρίασιν ἀπεφασίσθη ὅπως συγκροτηθῇ ἐπιτροπὴ ἡ ὁποία θὰ μελετήσῃ τὰ ζητήματα καὶ θὰ ὑποβάλῃ τὰς προτάσεις της ἐντὸς τοῦ προσεχοῦς μηνός.

ΑΘΗΝΑΙ, 22.— Εἰς τὰ γραφεῖα τοῦ ὑπουργείου συνῆλθεν χθὲς ἡ ἐπιτροπὴ ἡ ὁποία ἐπιλαμβάνεται τῆς ἐξετάσεως τῶν θεμάτων τὰ ὁποῖα ἀφοροῦν εἰς τὴν ρύθμισιν τῶν ἐκκρεμοτήτων καὶ τὴν ἀντιμετώπισιν τῶν αἰτημάτων.

Η ΕΝΟΧΟΣ ΑΝΟΧΗ ΤΩΝ ΚΥΒΕΡΝΗΣΕΩΝ ΤΗΣ ΕΡΕ ΔΙΑ ΤΑΣ ΥΠΕΡΒΑΣΕΙΣ ΕΙΣ ΤΑ ΕΡΓΑ ΤΗΣ Δ.Ε.Η. ΑΠΕΒΗ ΕΙΣ ΒΑΡΟΣ ΤΗΣ ΕΘΝΙΚΗΣ ΟΙΚΟΝΟΜΙΑΣ

ΑΘΗΝΑΙ, 22.— Εἰς τὰ γραφεῖα τοῦ ὑπουργείου συνῆλθεν χθὲς ἡ ἐπιτροπὴ ἡ ὁποία ἐπιλαμβάνεται τῆς ἐξετάσεως τῶν θεμάτων τὰ ὁποῖα ἀφοροῦν εἰς τὴν ρύθμισιν τῶν ἐκκρεμοτήτων καὶ τὴν ἀντιμετώπισιν τῶν αἰτημάτων.

(Ἀσ. Πρέσ.).— Σύμφωνα μὲ πληροφορίας ἐκ τῶν ἁρμοδίων ὑπηρεσιῶν, αἱ ἐργασίαι συνεχίζονται κανονικῶς καὶ ἀναμένεται ὅτι θὰ ὁλοκληρωθοῦν ἐντὸς τῆς προθεσμίας ἡ ὁποία ἔχει ὁρισθῇ.

ΘΕΣΣΑΛΟΝΙΚΗ, 22.— Κατὰ τὴν χθεσινὴν συνεδρίασιν ἀπεφασίσθη ὅπως συγκροτηθῇ ἐπιτροπὴ ἡ ὁποία θὰ μελετήσῃ τὰ ζητήματα καὶ θὰ ὑποβάλῃ τὰς προτάσεις της ἐντὸς τοῦ προσεχοῦς μηνός.

«ΑΘΗΝΑΙΟΣ ΔΙΑΧΕΙΡΙΣΙΣ»

ΑΘΗΝΑΙ, 22.— Εἰς τὰ γραφεῖα τοῦ ὑπουργείου συνῆλθεν χθὲς ἡ ἐπιτροπὴ ἡ ὁποία ἐπιλαμβάνεται τῆς ἐξετάσεως τῶν θεμάτων τὰ ὁποῖα ἀφοροῦν εἰς τὴν ρύθμισιν τῶν ἐκκρεμοτήτων καὶ τὴν ἀντιμετώπισιν τῶν αἰτημάτων.

(Ἀσ. Πρέσ.).— Σύμφωνα μὲ πληροφορίας ἐκ τῶν ἁρμοδίων ὑπηρεσιῶν, αἱ ἐργασίαι συνεχίζονται κανονικῶς καὶ ἀναμένεται ὅτι θὰ ὁλοκληρωθοῦν ἐντὸς τῆς προθεσμίας ἡ ὁποία ἔχει ὁρισθῇ.

ΘΕΣΣΑΛΟΝΙΚΗ, 22.— Κατὰ τὴν χθεσινὴν συνεδρίασιν ἀπεφασίσθη ὅπως συγκροτηθῇ ἐπιτροπὴ ἡ ὁποία θὰ μελετήσῃ τὰ ζητήματα καὶ θὰ ὑποβάλῃ τὰς προτάσεις της ἐντὸς τοῦ προσεχοῦς μηνός.

ΑΘΗΝΑΙ, 22.— Εἰς τὰ γραφεῖα τοῦ ὑπουργείου συνῆλθεν χθὲς ἡ ἐπιτροπὴ ἡ ὁποία ἐπιλαμβάνεται τῆς ἐξετάσεως τῶν θεμάτων τὰ ὁποῖα ἀφοροῦν εἰς τὴν ρύθμισιν τῶν ἐκκρεμοτήτων καὶ τὴν ἀντιμετώπισιν τῶν αἰτημάτων.

(Ἀσ. Πρέσ.).— Σύμφωνα μὲ πληροφορίας ἐκ τῶν ἁρμοδίων ὑπηρεσιῶν, αἱ ἐργασίαι συνεχίζονται κανονικῶς καὶ ἀναμένεται ὅτι θὰ ὁλοκληρωθοῦν ἐντὸς τῆς προθεσμίας ἡ ὁποία ἔχει ὁρισθῇ.

Ο ΜΗΤΡΟΠΟΛΙΤΗΣ ΔΥΤΙΚΗΣ ΓΕΡΜΑΝΙΑΣ ΘΑ ΕΠΙΣΚΕΦΘΗ ΤΟΥΣ ΕΙΣ ΔΥΤΙΚΟΝ ΒΕΡΟΛΙΝΟΝ ΕΛΛΗΝΑΣ ΕΡΓΑΤΑΣ

ΑΘΗΝΑΙ, 22.— Εἰς τὰ γραφεῖα τοῦ ὑπουργείου συνῆλθεν χθὲς ἡ ἐπιτροπὴ ἡ ὁποία ἐπιλαμβάνεται τῆς ἐξετάσεως τῶν θεμάτων τὰ ὁποῖα ἀφοροῦν εἰς τὴν ρύθμισιν τῶν ἐκκρεμοτήτων καὶ τὴν ἀντιμετώπισιν τῶν αἰτημάτων.

(Ἀσ. Πρέσ.).— Σύμφωνα μὲ πληροφορίας ἐκ τῶν ἁρμοδίων ὑπηρεσιῶν, αἱ ἐργασίαι συνεχίζονται κανονικῶς καὶ ἀναμένεται ὅτι θὰ ὁλοκληρωθοῦν ἐντὸς τῆς προθεσμίας ἡ ὁποία ἔχει ὁρισθῇ.

ΘΕΣΣΑΛΟΝΙΚΗ, 22.— Κατὰ τὴν χθεσινὴν συνεδρίασιν ἀπεφασίσθη ὅπως συγκροτηθῇ ἐπιτροπὴ ἡ ὁποία θὰ μελετήσῃ τὰ ζητήματα καὶ θὰ ὑποβάλῃ τὰς προτάσεις της ἐντὸς τοῦ προσεχοῦς μηνός.

ΑΘΗΝΑΙ, 22.— Εἰς τὰ γραφεῖα τοῦ ὑπουργείου συνῆλθεν χθὲς ἡ ἐπιτροπὴ ἡ ὁποία ἐπιλαμβάνεται τῆς ἐξετάσεως τῶν θεμάτων τὰ ὁποῖα ἀφοροῦν εἰς τὴν ρύθμισιν τῶν ἐκκρεμοτήτων καὶ τὴν ἀντιμετώπισιν τῶν αἰτημάτων.

Ο ΔΗΜΑΡΧΟΣ ΣΟΦΙΑΣ ΑΦΙΧΘΗ ΧΘΕΣ ΕΙΣ ΘΕΣΣΑΛΟΝΙΚΗΝ
ΑΝΑΧΩΡΕΙ ΣΗΜΕΡΟΝ
ΔΙΑ ΤΗΝ ΒΟΥΛΓΑΡΙΑΝ

ΘΕΣΣΑΛΟΝΙΚΗ, 22.— Κατὰ τὴν χθεσινὴν συνεδρίασιν ἀπεφασίσθη ὅπως συγκροτηθῇ ἐπιτροπὴ ἡ ὁποία θὰ μελετήσῃ τὰ ζητήματα καὶ θὰ ὑποβάλῃ τὰς προτάσεις της ἐντὸς τοῦ προσεχοῦς μηνός.

ΑΘΗΝΑΙ, 22.— Εἰς τὰ γραφεῖα τοῦ ὑπουργείου συνῆλθεν χθὲς ἡ ἐπιτροπὴ ἡ ὁποία ἐπιλαμβάνεται τῆς ἐξετάσεως τῶν θεμάτων τὰ ὁποῖα ἀφοροῦν εἰς τὴν ρύθμισιν τῶν ἐκκρεμοτήτων καὶ τὴν ἀντιμετώπισιν τῶν αἰτημάτων.

ΚΑΤΕΔΙΚΑΣΘΗΣΑΝ ΕΙΣ ΔΙΑΦΟΡΟΥΣ ΠΟΙΝΑΣ ΟΙ ΕΚΔΟΣΑΝΤΕΣ ΠΛΑΣΤΑ «ΓΑΛΥΦΩΡΙΑ»

ΑΘΗΝΑΙ, 22.— Εἰς τὰ γραφεῖα τοῦ ὑπουργείου συνῆλθεν χθὲς ἡ ἐπιτροπὴ ἡ ὁποία ἐπιλαμβάνεται τῆς ἐξετάσεως τῶν θεμάτων τὰ ὁποῖα ἀφοροῦν εἰς τὴν ρύθμισιν τῶν ἐκκρεμοτήτων καὶ τὴν ἀντιμετώπισιν τῶν αἰτημάτων.

(Ἀσ. Πρέσ.).— Σύμφωνα μὲ πληροφορίας ἐκ τῶν ἁρμοδίων ὑπηρεσιῶν, αἱ ἐργασίαι συνεχίζονται κανονικῶς καὶ ἀναμένεται ὅτι θὰ ὁλοκληρωθοῦν ἐντὸς τῆς προθεσμίας ἡ ὁποία ἔχει ὁρισθῇ.

Ο ΝΑΥΑΡΧΟΣ ΓΚΡΙΦΙΝ ΔΙΟΡΙΖΕΤΑΙ ΑΡΧΗΓΟΣ ΝΑΥΤΙΚΩΝ ΔΥΝΑΜΕΩΝ ΕΙΣ ΤΟ Ν.Α.Τ.Ο.

ΠΕΚΙΝΟΝ, 22 (Ρόυτερ).— Ἐπίσημοι κύκλοι ἐδήλωσαν ὅτι ἡ νέα ἡγεσία συνεχίζει τὴν ἰδίαν πολιτικὴν καὶ ὅτι δὲν ὑπάρχει οὐδεμία μεταβολὴ εἰς τὰς σχέσεις μεταξὺ τῶν δύο χωρῶν.

ΔΙΕΘΝΗΣ ΣΥΜΦΩΝΙΑ ΔΙΑ ΤΟΥΣ ΠΕΙΡΑΤΙΚΟΥΣ ΡΑΔΙΟΣΤΑΘΜΟΥΣ

(Ἀσ. Πρέσ.).— Σύμφωνα μὲ πληροφορίας ἐκ τῶν ἁρμοδίων ὑπηρεσιῶν, αἱ ἐργασίαι συνεχίζονται κανονικῶς καὶ ἀναμένεται ὅτι θὰ ὁλοκληρωθοῦν ἐντὸς τῆς προθεσμίας ἡ ὁποία ἔχει ὁρισθῇ.

ΤΟ ΣΧΕΔΙΟΝ ΠΕΡΙ ΦΟΡΟΛΟΓΙΑΣ ΤΩΝ ΑΚΙΝΗΤΩΝ

ΑΘΗΝΑΙ, 22.— Εἰς τὰ γραφεῖα τοῦ ὑπουργείου συνῆλθεν χθὲς ἡ ἐπιτροπὴ ἡ ὁποία ἐπιλαμβάνεται τῆς ἐξετάσεως τῶν θεμάτων τὰ ὁποῖα ἀφοροῦν εἰς τὴν ρύθμισιν τῶν ἐκκρεμοτήτων καὶ τὴν ἀντιμετώπισιν τῶν αἰτημάτων.

ΘΕΣΣΑΛΟΝΙΚΗ, 22.— Κατὰ τὴν χθεσινὴν συνεδρίασιν ἀπεφασίσθη ὅπως συγκροτηθῇ ἐπιτροπὴ ἡ ὁποία θὰ μελετήσῃ τὰ ζητήματα καὶ θὰ ὑποβάλῃ τὰς προτάσεις της ἐντὸς τοῦ προσεχοῦς μηνός.

Η ΔΥΤΙΚΗ ΓΕΡΜΑΝΙΑ ΘΑ ΜΕΙΩΣΗ ΤΟ ΥΨΟΣ ΑΜΕΡΙΚΑΝΙΚΩΝ ΔΑΠΑΝΩΝ

ΠΕΚΙΝΟΝ, 22 (Ρόυτερ).— Ἐπίσημοι κύκλοι ἐδήλωσαν ὅτι ἡ νέα ἡγεσία συνεχίζει τὴν ἰδίαν πολιτικὴν καὶ ὅτι δὲν ὑπάρχει οὐδεμία μεταβολὴ εἰς τὰς σχέσεις μεταξὺ τῶν δύο χωρῶν.

ΑΝΤΙΑΜΕΡΙΚΑΝΙΚΑΙ ΔΙΑΔΗΛΩΣΕΙΣ ΕΙΣ ΤΑΣ ΦΙΛΙΠΠΙΝΑΣ

(Ἀσ. Πρέσ.).— Σύμφωνα μὲ πληροφορίας ἐκ τῶν ἁρμοδίων ὑπηρεσιῶν, αἱ ἐργασίαι συνεχίζονται κανονικῶς καὶ ἀναμένεται ὅτι θὰ ὁλοκληρωθοῦν ἐντὸς τῆς προθεσμίας ἡ ὁποία ἔχει ὁρισθῇ.

ΕΛΛΗΝΟΣΟΒΙΕΤΙΚΗ ΒΡΑΔΥΑ ΦΙΛΙΑΣ ΕΙΣ ΤΗΝ ΜΟΣΧΑΝ

ΠΕΚΙΝΟΝ, 22 (Ρόυτερ).— Ἐπίσημοι κύκλοι ἐδήλωσαν ὅτι ἡ νέα ἡγεσία συνεχίζει τὴν ἰδίαν πολιτικὴν καὶ ὅτι δὲν ὑπάρχει οὐδεμία μεταβολὴ εἰς τὰς σχέσεις μεταξὺ τῶν δύο χωρῶν.

ΑΘΗΝΑΙ, 22.— Εἰς τὰ γραφεῖα τοῦ ὑπουργείου συνῆλθεν χθὲς ἡ ἐπιτροπὴ ἡ ὁποία ἐπιλαμβάνεται τῆς ἐξετάσεως τῶν θεμάτων τὰ ὁποῖα ἀφοροῦν εἰς τὴν ρύθμισιν τῶν ἐκκρεμοτήτων καὶ τὴν ἀντιμετώπισιν τῶν αἰτημάτων.

Η ΜΠΡΙΖΙΤ ΜΠΑΡΝΤΟ ΠΡΟΣΕΒΛΗΘΗ ΥΠΟ ΒΡΟΓΧΙΤΙΔΟΣ

(Ἀσ. Πρέσ.).— Σύμφωνα μὲ πληροφορίας ἐκ τῶν ἁρμοδίων ὑπηρεσιῶν, αἱ ἐργασίαι συνεχίζονται κανονικῶς καὶ ἀναμένεται ὅτι θὰ ὁλοκληρωθοῦν ἐντὸς τῆς προθεσμίας ἡ ὁποία ἔχει ὁρισθῇ.

ΚΑΤΕΠΕΣΕ ΝΕΚΡΟΣ ΕΝ ΠΡΟΣΗΡΤΑ ΜΑΡΤΥΣ ΕΙΣ ΔΙΚΗΝ

ΠΕΚΙΝΟΝ, 22 (Ρόυτερ).— Ἐπίσημοι κύκλοι ἐδήλωσαν ὅτι ἡ νέα ἡγεσία συνεχίζει τὴν ἰδίαν πολιτικὴν καὶ ὅτι δὲν ὑπάρχει οὐδεμία μεταβολὴ εἰς τὰς σχέσεις μεταξὺ τῶν δύο χωρῶν.

Η ΓΚΛΟΡΙΑ ΝΤΕ ΧΑΒΕΝ ΥΠΑΝΔΡΕΥΘΗ ΤΟΝ ΠΡΩΤΟΝ ΣΥΖΥΓΟΝ

(Ἀσ. Πρέσ.).— Σύμφωνα μὲ πληροφορίας ἐκ τῶν ἁρμοδίων ὑπηρεσιῶν, αἱ ἐργασίαι συνεχίζονται κανονικῶς καὶ ἀναμένεται ὅτι θὰ ὁλοκληρωθοῦν ἐντὸς τῆς προθεσμίας ἡ ὁποία ἔχει ὁρισθῇ.

ΤΗΝ ΒΟΝΝΗΝ ΕΠΙΚΗΣΕ ΤΗΝ ΤΣΕΧΟΣΛΟΒΑΚΙΑΝ ΕΙΣ ΤΟ ΜΠΑΣΚΕΤ

ΑΘΗΝΑΙ, 22.— Εἰς τὰ γραφεῖα τοῦ ὑπουργείου συνῆλθεν χθὲς ἡ ἐπιτροπὴ ἡ ὁποία ἐπιλαμβάνεται τῆς ἐξετάσεως τῶν θεμάτων τὰ ὁποῖα ἀφοροῦν εἰς τὴν ρύθμισιν τῶν ἐκκρεμοτήτων καὶ τὴν ἀντιμετώπισιν τῶν αἰτημάτων.

ΥΠΑΝΔΡΟΣ ΑΜΕΡΙΚΑΝΟΣ ΑΠΗΓΧΟΝΙΣΘΗ ΑΠΟ ΔΕΝΔΡΟΝ

ΠΕΚΙΝΟΝ, 22 (Ρόυτερ).— Ἐπίσημοι κύκλοι ἐδήλωσαν ὅτι ἡ νέα ἡγεσία συνεχίζει τὴν ἰδίαν πολιτικὴν καὶ ὅτι δὲν ὑπάρχει οὐδεμία μεταβολὴ εἰς τὰς σχέσεις μεταξὺ τῶν δύο χωρῶν.

ΤΟΝ ΣΕΠΤΕΜΒΡΙΟΝ Ο ΝΑΣΣΕΡ ΘΑ ΕΠΙΣΚΕΦΘΗ ΤΗΝ ΜΟΣΧΑΝ

(Ἀσ. Πρέσ.).— Σύμφωνα μὲ πληροφορίας ἐκ τῶν ἁρμοδίων ὑπηρεσιῶν, αἱ ἐργασίαι συνεχίζονται κανονικῶς καὶ ἀναμένεται ὅτι θὰ ὁλοκληρωθοῦν ἐντὸς τῆς προθεσμίας ἡ ὁποία ἔχει ὁρισθῇ.

Σελίς 7
ΕΝ ΑΣΦΑΛΕΙΑ ΤΟ ΠΛΗΡΩΜΑ ΤΟΥ «ΑΓΙΟΣ ΝΙΚΟΛΑΟΣ» ΠΕΡΙΣΥΝΕΛΕΓΗ ΥΠΟ ΕΤΕΡΟΥ ΦΟΡΤΗΓΟΥ ΣΚΑΦΟΥΣ ΤΟΥΡΚΟΣ ΝΑΥΤΗΣ ΕΤΡΑΥΜΑΤΙΣΘΗ ΕΠΙ ΠΕΡΙΠΟΛΙΚΟΥ

ΑΘΗΝΑΙ, 22.— Εἰς τὰ γραφεῖα τοῦ ὑπουργείου συνῆλθεν χθὲς ἡ ἐπιτροπὴ ἡ ὁποία ἐπιλαμβάνεται τῆς ἐξετάσεως τῶν θεμάτων τὰ ὁποῖα ἀφοροῦν εἰς τὴν ρύθμισιν τῶν ἐκκρεμοτήτων καὶ τὴν ἀντιμετώπισιν τῶν αἰτημάτων.

(Ἀσ. Πρέσ.).— Σύμφωνα μὲ πληροφορίας ἐκ τῶν ἁρμοδίων ὑπηρεσιῶν, αἱ ἐργασίαι συνεχίζονται κανονικῶς καὶ ἀναμένεται ὅτι θὰ ὁλοκληρωθοῦν ἐντὸς τῆς προθεσμίας ἡ ὁποία ἔχει ὁρισθῇ.

ΘΕΣΣΑΛΟΝΙΚΗ, 22.— Κατὰ τὴν χθεσινὴν συνεδρίασιν ἀπεφασίσθη ὅπως συγκροτηθῇ ἐπιτροπὴ ἡ ὁποία θὰ μελετήσῃ τὰ ζητήματα καὶ θὰ ὑποβάλῃ τὰς προτάσεις της ἐντὸς τοῦ προσεχοῦς μηνός.

ΠΡΟΣΠΑΡΞΕ ΤΑΝΚΕΡ

ΠΕΚΙΝΟΝ, 22 (Ρόυτερ).— Ἐπίσημοι κύκλοι ἐδήλωσαν ὅτι ἡ νέα ἡγεσία συνεχίζει τὴν ἰδίαν πολιτικὴν καὶ ὅτι δὲν ὑπάρχει οὐδεμία μεταβολὴ εἰς τὰς σχέσεις μεταξὺ τῶν δύο χωρῶν.

ΤΟΥΡΚΟΣ ΝΑΥΤΗΣ ΕΤΡΑΥΜΑΤΙΣΘΗ

(Ἀσ. Πρέσ.).— Σύμφωνα μὲ πληροφορίας ἐκ τῶν ἁρμοδίων ὑπηρεσιῶν, αἱ ἐργασίαι συνεχίζονται κανονικῶς καὶ ἀναμένεται ὅτι θὰ ὁλοκληρωθοῦν ἐντὸς τῆς προθεσμίας ἡ ὁποία ἔχει ὁρισθῇ.

ΑΓΝΟΟΥΝΤΑΙ ΤΡΙΑ ΑΛΙΕΥΤΙΚΑ

ΑΘΗΝΑΙ, 22.— Εἰς τὰ γραφεῖα τοῦ ὑπουργείου συνῆλθεν χθὲς ἡ ἐπιτροπὴ ἡ ὁποία ἐπιλαμβάνεται τῆς ἐξετάσεως τῶν θεμάτων τὰ ὁποῖα ἀφοροῦν εἰς τὴν ρύθμισιν τῶν ἐκκρεμοτήτων καὶ τὴν ἀντιμετώπισιν τῶν αἰτημάτων.

ΘΕΣΣΑΛΟΝΙΚΗ, 22.— Κατὰ τὴν χθεσινὴν συνεδρίασιν ἀπεφασίσθη ὅπως συγκροτηθῇ ἐπιτροπὴ ἡ ὁποία θὰ μελετήσῃ τὰ ζητήματα καὶ θὰ ὑποβάλῃ τὰς προτάσεις της ἐντὸς τοῦ προσεχοῦς μηνός.

ΣΥΝΕΧΙΖΟΥΝ ΤΗΣ ΠΟΛΙΤΙΚΗΣ ΤΟΥ ΚΡΟΥΣΤΣΕΦ ΑΠΟΚΑΛΟΥΝ ΟΙ ΚΙΝΕΖΟΙ ΕΠΙΣΗΜΟΙ ΤΟΥΣ ΝΕΟΥΣ ΗΓΕΤΑΣ ΤΗΣ ΣΟΒΙΕΤ. ΕΝΩΣΕΩΣ

ΠΕΚΙΝΟΝ, 22 (Ρόυτερ).— Ἐπίσημοι κύκλοι ἐδήλωσαν ὅτι ἡ νέα ἡγεσία συνεχίζει τὴν ἰδίαν πολιτικὴν καὶ ὅτι δὲν ὑπάρχει οὐδεμία μεταβολὴ εἰς τὰς σχέσεις μεταξὺ τῶν δύο χωρῶν.

(Ἀσ. Πρέσ.).— Σύμφωνα μὲ πληροφορίας ἐκ τῶν ἁρμοδίων ὑπηρεσιῶν, αἱ ἐργασίαι συνεχίζονται κανονικῶς καὶ ἀναμένεται ὅτι θὰ ὁλοκληρωθοῦν ἐντὸς τῆς προθεσμίας ἡ ὁποία ἔχει ὁρισθῇ.

ΡΩΣΙΚΗ ΑΝΤΕΠΙΘΕΣΙΣ

ΠΕΚΙΝΟΝ, 22 (Ρόυτερ).— Ἐπίσημοι κύκλοι ἐδήλωσαν ὅτι ἡ νέα ἡγεσία συνεχίζει τὴν ἰδίαν πολιτικὴν καὶ ὅτι δὲν ὑπάρχει οὐδεμία μεταβολὴ εἰς τὰς σχέσεις μεταξὺ τῶν δύο χωρῶν.

ΑΘΗΝΑΙ, 22.— Εἰς τὰ γραφεῖα τοῦ ὑπουργείου συνῆλθεν χθὲς ἡ ἐπιτροπὴ ἡ ὁποία ἐπιλαμβάνεται τῆς ἐξετάσεως τῶν θεμάτων τὰ ὁποῖα ἀφοροῦν εἰς τὴν ρύθμισιν τῶν ἐκκρεμοτήτων καὶ τὴν ἀντιμετώπισιν τῶν αἰτημάτων.

Η ΡΩΣΙΑ ΔΕΝ ΗΤΟ ΕΤΟΙΜΗ ΣΤΡΑΤΙΩΤΙΚΩΣ ΝΑ ΑΝΤΙΜΕΤΩΠΙΣΗ ΤΟΥΣ ΔΥΤΙΚΟΥΣ ΚΑΤΑ ΤΗΝ ΠΟΛΙΤΙΚΗΝ ΚΡΙΣΙΝ ΤΟΥ ΙΡΑΚ

ΠΕΚΙΝΟΝ, 22 (Ρόυτερ).— Ἐπίσημοι κύκλοι ἐδήλωσαν ὅτι ἡ νέα ἡγεσία συνεχίζει τὴν ἰδίαν πολιτικὴν καὶ ὅτι δὲν ὑπάρχει οὐδεμία μεταβολὴ εἰς τὰς σχέσεις μεταξὺ τῶν δύο χωρῶν.

(Ἀσ. Πρέσ.).— Σύμφωνα μὲ πληροφορίας ἐκ τῶν ἁρμοδίων ὑπηρεσιῶν, αἱ ἐργασίαι συνεχίζονται κανονικῶς καὶ ἀναμένεται ὅτι θὰ ὁλοκληρωθοῦν ἐντὸς τῆς προθεσμίας ἡ ὁποία ἔχει ὁρισθῇ.

ΠΕΚΙΝΟΝ, 22 (Ρόυτερ).— Ἐπίσημοι κύκλοι ἐδήλωσαν ὅτι ἡ νέα ἡγεσία συνεχίζει τὴν ἰδίαν πολιτικὴν καὶ ὅτι δὲν ὑπάρχει οὐδεμία μεταβολὴ εἰς τὰς σχέσεις μεταξὺ τῶν δύο χωρῶν.

ΘΕΣΣΑΛΟΝΙΚΗ, 22.— Κατὰ τὴν χθεσινὴν συνεδρίασιν ἀπεφασίσθη ὅπως συγκροτηθῇ ἐπιτροπὴ ἡ ὁποία θὰ μελετήσῃ τὰ ζητήματα καὶ θὰ ὑποβάλῃ τὰς προτάσεις της ἐντὸς τοῦ προσεχοῦς μηνός.

Ο ΕΝ ΒΕΛΙΓΡΑΔΙΩ ΝΕΟΣ ΠΡΕΣΒΕΥΤΗΣ ΤΗΣ ΕΛΛΑΔΟΣ ΕΠΕΔΩΣΕ ΤΑ ΔΙΑΠΙΣΤΕΥΤΗΡΙΑ ΤΟΥ ΕΙΣ ΤΟΝ ΤΙΤΟ

ΑΘΗΝΑΙ, 22.— Εἰς τὰ γραφεῖα τοῦ ὑπουργείου συνῆλθεν χθὲς ἡ ἐπιτροπὴ ἡ ὁποία ἐπιλαμβάνεται τῆς ἐξετάσεως τῶν θεμάτων τὰ ὁποῖα ἀφοροῦν εἰς τὴν ρύθμισιν τῶν ἐκκρεμοτήτων καὶ τὴν ἀντιμετώπισιν τῶν αἰτημάτων.

ΠΕΚΙΝΟΝ, 22 (Ρόυτερ).— Ἐπίσημοι κύκλοι ἐδήλωσαν ὅτι ἡ νέα ἡγεσία συνεχίζει τὴν ἰδίαν πολιτικὴν καὶ ὅτι δὲν ὑπάρχει οὐδεμία μεταβολὴ εἰς τὰς σχέσεις μεταξὺ τῶν δύο χωρῶν.

ΑΠΕΤΥΧΟΝ ΑΙ ΕΚΤΟΞΕΥΣΕΙΣ ΔΥΟ ΔΟΡΥΦΟΡΩΝ ΠΡΟΟΡΙΖΟΜΕΝΩΝ ΔΙΑ ΣΕΙΡΑΝ ΜΕΛΕΤΩΝ

ΠΕΚΙΝΟΝ, 22 (Ρόυτερ).— Ἐπίσημοι κύκλοι ἐδήλωσαν ὅτι ἡ νέα ἡγεσία συνεχίζει τὴν ἰδίαν πολιτικὴν καὶ ὅτι δὲν ὑπάρχει οὐδεμία μεταβολὴ εἰς τὰς σχέσεις μεταξὺ τῶν δύο χωρῶν.

(Ἀσ. Πρέσ.).— Σύμφωνα μὲ πληροφορίας ἐκ τῶν ἁρμοδίων ὑπηρεσιῶν, αἱ ἐργασίαι συνεχίζονται κανονικῶς καὶ ἀναμένεται ὅτι θὰ ὁλοκληρωθοῦν ἐντὸς τῆς προθεσμίας ἡ ὁποία ἔχει ὁρισθῇ.

ΚΑΙ Ο «ΤΙΡΟΣ»

ΑΘΗΝΑΙ, 22.— Εἰς τὰ γραφεῖα τοῦ ὑπουργείου συνῆλθεν χθὲς ἡ ἐπιτροπὴ ἡ ὁποία ἐπιλαμβάνεται τῆς ἐξετάσεως τῶν θεμάτων τὰ ὁποῖα ἀφοροῦν εἰς τὴν ρύθμισιν τῶν ἐκκρεμοτήτων καὶ τὴν ἀντιμετώπισιν τῶν αἰτημάτων.

ΘΕΣΣΑΛΟΝΙΚΗ, 22.— Κατὰ τὴν χθεσινὴν συνεδρίασιν ἀπεφασίσθη ὅπως συγκροτηθῇ ἐπιτροπὴ ἡ ὁποία θὰ μελετήσῃ τὰ ζητήματα καὶ θὰ ὑποβάλῃ τὰς προτάσεις της ἐντὸς τοῦ προσεχοῦς μηνός.

ΙΑΠΩΝΙΚΟΣ

ΠΕΚΙΝΟΝ, 22 (Ρόυτερ).— Ἐπίσημοι κύκλοι ἐδήλωσαν ὅτι ἡ νέα ἡγεσία συνεχίζει τὴν ἰδίαν πολιτικὴν καὶ ὅτι δὲν ὑπάρχει οὐδεμία μεταβολὴ εἰς τὰς σχέσεις μεταξὺ τῶν δύο χωρῶν.

(Ἀσ. Πρέσ.).— Σύμφωνα μὲ πληροφορίας ἐκ τῶν ἁρμοδίων ὑπηρεσιῶν, αἱ ἐργασίαι συνεχίζονται κανονικῶς καὶ ἀναμένεται ὅτι θὰ ὁλοκληρωθοῦν ἐντὸς τῆς προθεσμίας ἡ ὁποία ἔχει ὁρισθῇ.

ΦΟΙΤΗΤΙΚΑΙ ΔΙΑΔΗΛΩΣΕΙΣ ΕΙΣ ΛΙΣΣΑΒΩΝΑ ΔΙΑ ΤΑΣ ΑΘΡΟΑΣ ΣΥΛΛΗΨΕΙΣ ΣΠΟΥΔΑΣΤΩΝ

ΠΕΚΙΝΟΝ, 22 (Ρόυτερ).— Ἐπίσημοι κύκλοι ἐδήλωσαν ὅτι ἡ νέα ἡγεσία συνεχίζει τὴν ἰδίαν πολιτικὴν καὶ ὅτι δὲν ὑπάρχει οὐδεμία μεταβολὴ εἰς τὰς σχέσεις μεταξὺ τῶν δύο χωρῶν.

ΑΘΗΝΑΙ, 22.— Εἰς τὰ γραφεῖα τοῦ ὑπουργείου συνῆλθεν χθὲς ἡ ἐπιτροπὴ ἡ ὁποία ἐπιλαμβάνεται τῆς ἐξετάσεως τῶν θεμάτων τὰ ὁποῖα ἀφοροῦν εἰς τὴν ρύθμισιν τῶν ἐκκρεμοτήτων καὶ τὴν ἀντιμετώπισιν τῶν αἰτημάτων.

(Ἀσ. Πρέσ.).— Σύμφωνα μὲ πληροφορίας ἐκ τῶν ἁρμοδίων ὑπηρεσιῶν, αἱ ἐργασίαι συνεχίζονται κανονικῶς καὶ ἀναμένεται ὅτι θὰ ὁλοκληρωθοῦν ἐντὸς τῆς προθεσμίας ἡ ὁποία ἔχει ὁρισθῇ.

ΤΕΜΕΝΟΣ ΕΙΣ ΡΩΜΗΝ

ΘΕΣΣΑΛΟΝΙΚΗ, 22.— Κατὰ τὴν χθεσινὴν συνεδρίασιν ἀπεφασίσθη ὅπως συγκροτηθῇ ἐπιτροπὴ ἡ ὁποία θὰ μελετήσῃ τὰ ζητήματα καὶ θὰ ὑποβάλῃ τὰς προτάσεις της ἐντὸς τοῦ προσεχοῦς μηνός.

ΕΙΣ ΣΦΑΛΜΑ ΤΟΥ ΧΕΙΡΙΣΤΟΥ ΟΦΕΙΛΕΤΑΙ Η ΠΤΩΣΙΣ ΤΟΥ ΑΜΕΡΙΚΑΝΙΚΟΥ ΑΕΡΟΠΛΑΝΟΥ
ΣΥΝΕΧΕΙΑ

ΠΕΚΙΝΟΝ, 22 (Ρόυτερ).— Ἐπίσημοι κύκλοι ἐδήλωσαν ὅτι ἡ νέα ἡγεσία συνεχίζει τὴν ἰδίαν πολιτικὴν καὶ ὅτι δὲν ὑπάρχει οὐδεμία μεταβολὴ εἰς τὰς σχέσεις μεταξὺ τῶν δύο χωρῶν.

(Ἀσ. Πρέσ.).— Σύμφωνα μὲ πληροφορίας ἐκ τῶν ἁρμοδίων ὑπηρεσιῶν, αἱ ἐργασίαι συνεχίζονται κανονικῶς καὶ ἀναμένεται ὅτι θὰ ὁλοκληρωθοῦν ἐντὸς τῆς προθεσμίας ἡ ὁποία ἔχει ὁρισθῇ.

ΣΦΑΛΜΑ ΤΟΥ ΧΕΙΡΙΣΤΟΥ

ΑΘΗΝΑΙ, 22.— Εἰς τὰ γραφεῖα τοῦ ὑπουργείου συνῆλθεν χθὲς ἡ ἐπιτροπὴ ἡ ὁποία ἐπιλαμβάνεται τῆς ἐξετάσεως τῶν θεμάτων τὰ ὁποῖα ἀφοροῦν εἰς τὴν ρύθμισιν τῶν ἐκκρεμοτήτων καὶ τὴν ἀντιμετώπισιν τῶν αἰτημάτων.

ΠΕΚΙΝΟΝ, 22 (Ρόυτερ).— Ἐπίσημοι κύκλοι ἐδήλωσαν ὅτι ἡ νέα ἡγεσία συνεχίζει τὴν ἰδίαν πολιτικὴν καὶ ὅτι δὲν ὑπάρχει οὐδεμία μεταβολὴ εἰς τὰς σχέσεις μεταξὺ τῶν δύο χωρῶν.

ΘΕΣΣΑΛΟΝΙΚΗ, 22.— Κατὰ τὴν χθεσινὴν συνεδρίασιν ἀπεφασίσθη ὅπως συγκροτηθῇ ἐπιτροπὴ ἡ ὁποία θὰ μελετήσῃ τὰ ζητήματα καὶ θὰ ὑποβάλῃ τὰς προτάσεις της ἐντὸς τοῦ προσεχοῦς μηνός.

(Ἀσ. Πρέσ.).— Σύμφωνα μὲ πληροφορίας ἐκ τῶν ἁρμοδίων ὑπηρεσιῶν, αἱ ἐργασίαι συνεχίζονται κανονικῶς καὶ ἀναμένεται ὅτι θὰ ὁλοκληρωθοῦν ἐντὸς τῆς προθεσμίας ἡ ὁποία ἔχει ὁρισθῇ.

ΑΘΗΝΑΙ, 22.— Εἰς τὰ γραφεῖα τοῦ ὑπουργείου συνῆλθεν χθὲς ἡ ἐπιτροπὴ ἡ ὁποία ἐπιλαμβάνεται τῆς ἐξετάσεως τῶν θεμάτων τὰ ὁποῖα ἀφοροῦν εἰς τὴν ρύθμισιν τῶν ἐκκρεμοτήτων καὶ τὴν ἀντιμετώπισιν τῶν αἰτημάτων.
